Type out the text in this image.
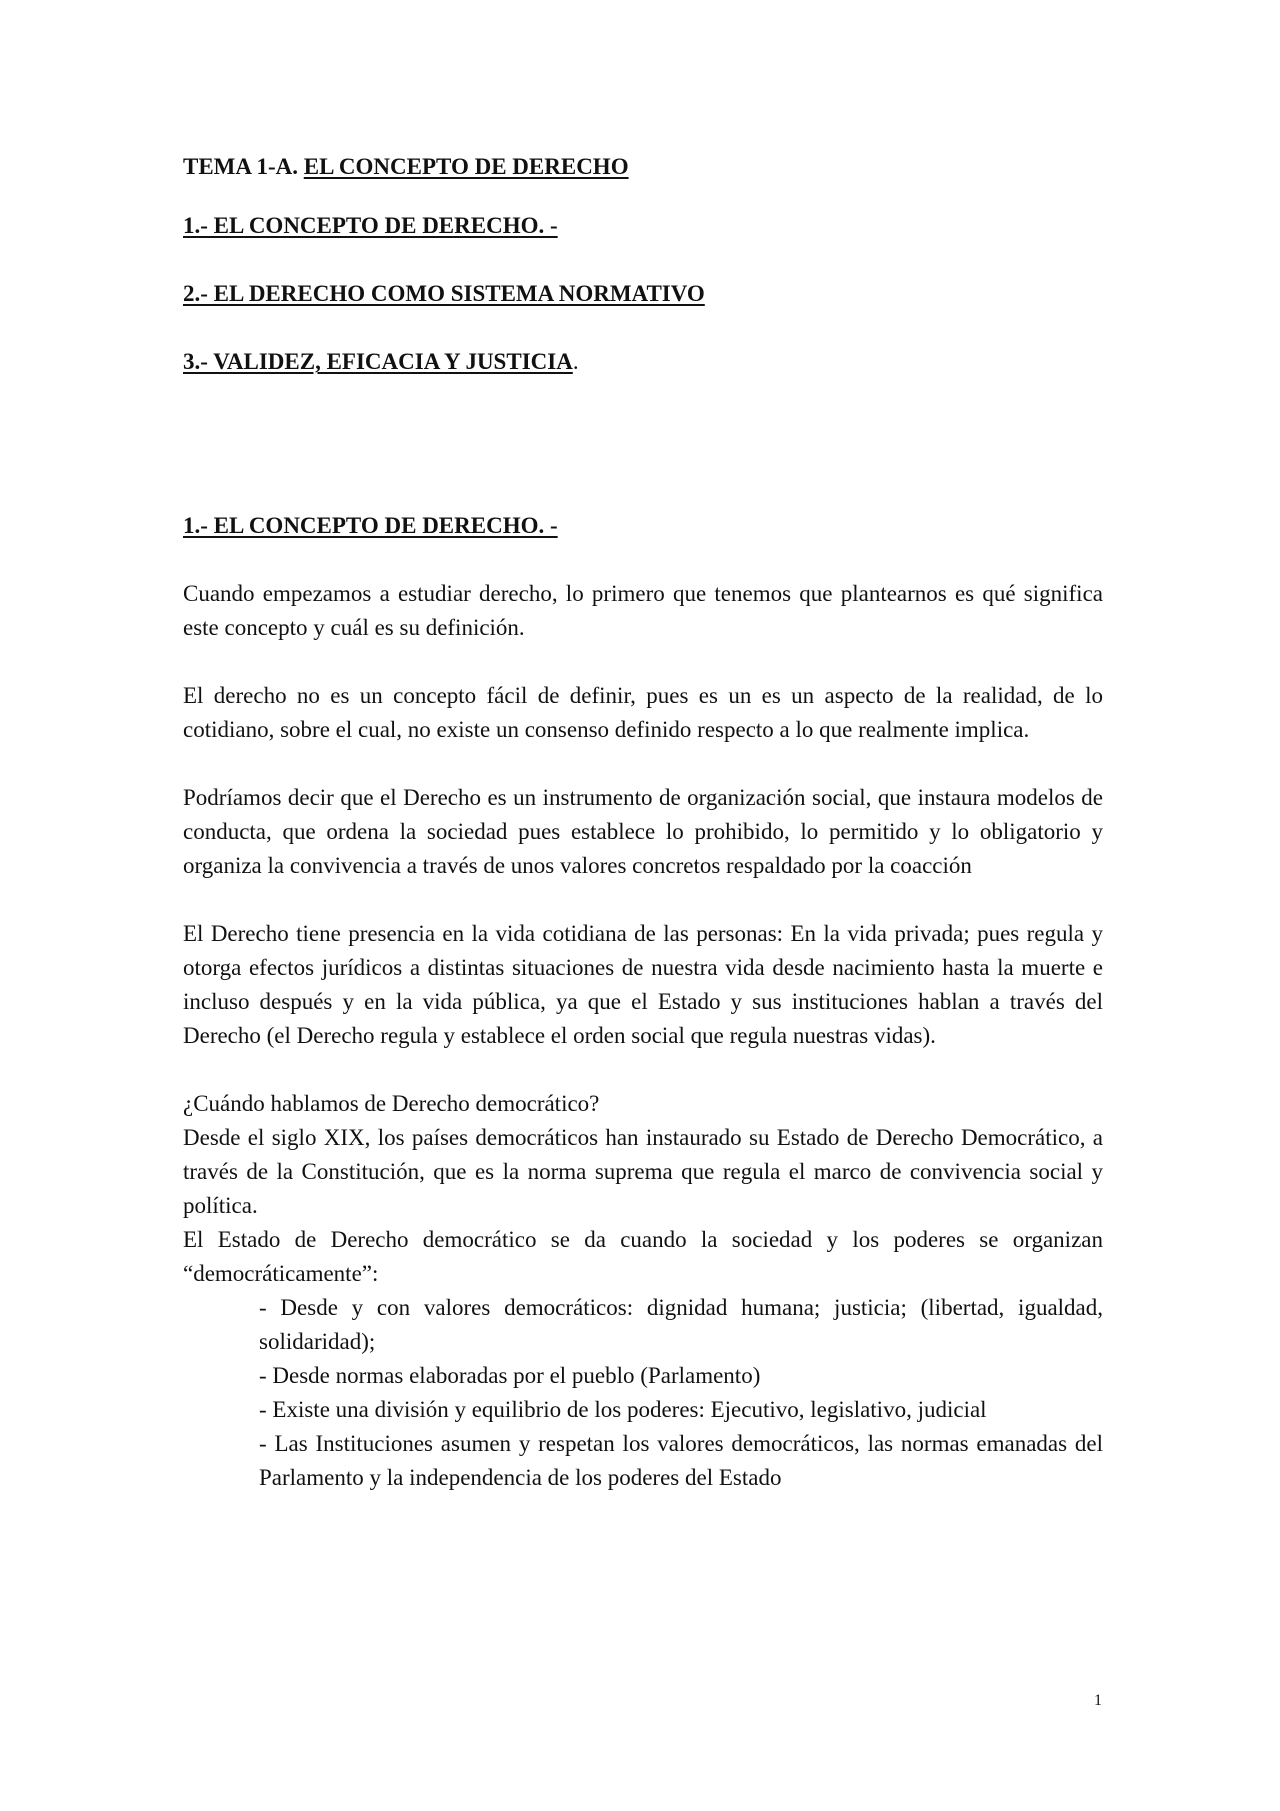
TEMA 1-A. EL CONCEPTO DE DERECHO

1.- EL CONCEPTO DE DERECHO. -

2.- EL DERECHO COMO SISTEMA NORMATIVO

3.- VALIDEZ, EFICACIA Y JUSTICIA.

1.- EL CONCEPTO DE DERECHO. -

Cuando empezamos a estudiar derecho, lo primero que tenemos que plantearnos es qué significa este concepto y cuál es su definición.

El derecho no es un concepto fácil de definir, pues es un es un aspecto de la realidad, de lo cotidiano, sobre el cual, no existe un consenso definido respecto a lo que realmente implica.

Podríamos decir que el Derecho es un instrumento de organización social, que instaura modelos de conducta, que ordena la sociedad pues establece lo prohibido, lo permitido y lo obligatorio y organiza la convivencia a través de unos valores concretos respaldado por la coacción

El Derecho tiene presencia en la vida cotidiana de las personas: En la vida privada; pues regula y otorga efectos jurídicos a distintas situaciones de nuestra vida desde nacimiento hasta la muerte e incluso después y en la vida pública, ya que el Estado y sus instituciones hablan a través del Derecho (el Derecho regula y establece el orden social que regula nuestras vidas).

¿Cuándo hablamos de Derecho democrático?

Desde el siglo XIX, los países democráticos han instaurado su Estado de Derecho Democrático, a través de la Constitución, que es la norma suprema que regula el marco de convivencia social y política.

El Estado de Derecho democrático se da cuando la sociedad y los poderes se organizan “democráticamente”:

- Desde y con valores democráticos: dignidad humana; justicia; (libertad, igualdad, solidaridad);

- Desde normas elaboradas por el pueblo (Parlamento)

- Existe una división y equilibrio de los poderes: Ejecutivo, legislativo, judicial

- Las Instituciones asumen y respetan los valores democráticos, las normas emanadas del Parlamento y la independencia de los poderes del Estado

1
